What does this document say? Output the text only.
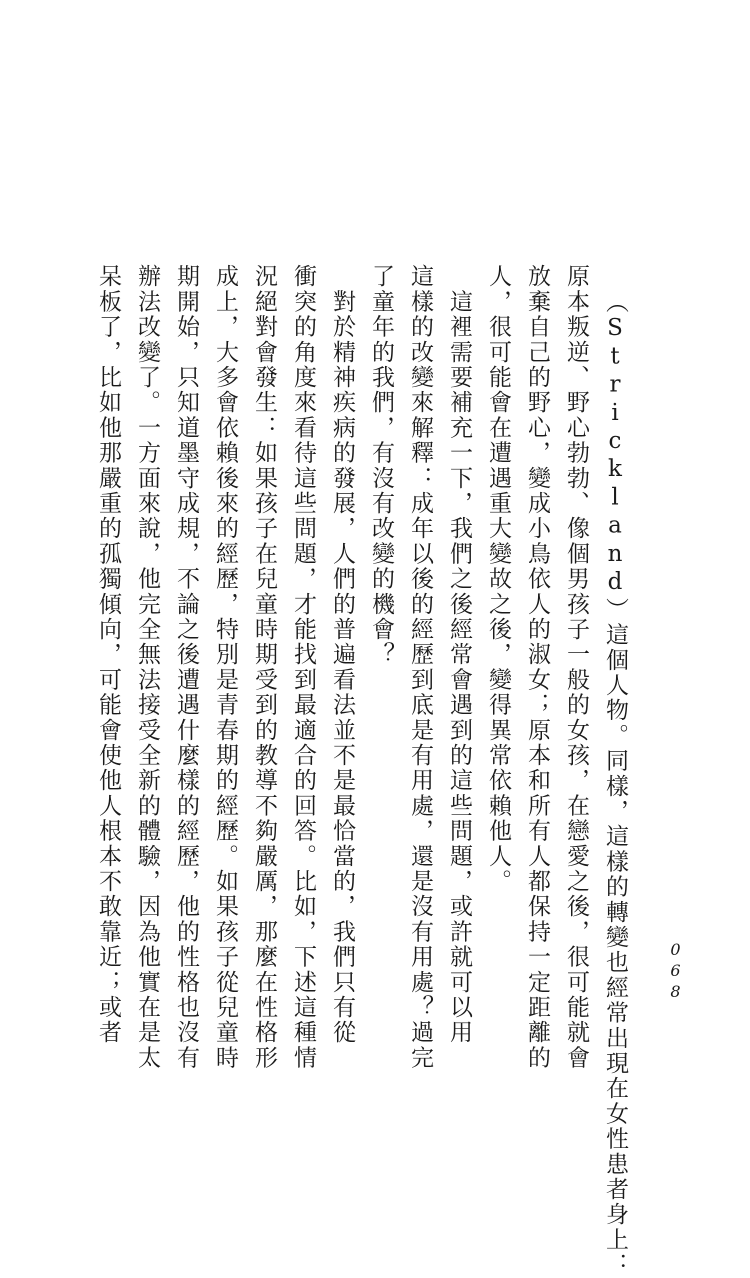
（Strickland）這個人物。同樣，這樣的轉變也經常出現在女性患者身上：
原本叛逆、野心勃勃、像個男孩子一般的女孩，在戀愛之後，很可能就會
放棄自己的野心，變成小鳥依人的淑女；原本和所有人都保持一定距離的
人，很可能會在遭遇重大變故之後，變得異常依賴他人。
　這裡需要補充一下，我們之後經常會遇到的這些問題，或許就可以用
這樣的改變來解釋：成年以後的經歷到底是有用處，還是沒有用處？過完
了童年的我們，有沒有改變的機會？
　對於精神疾病的發展，人們的普遍看法並不是最恰當的，我們只有從
衝突的角度來看待這些問題，才能找到最適合的回答。比如，下述這種情
況絕對會發生：如果孩子在兒童時期受到的教導不夠嚴厲，那麼在性格形
成上，大多會依賴後來的經歷，特別是青春期的經歷。如果孩子從兒童時
期開始，只知道墨守成規，不論之後遭遇什麼樣的經歷，他的性格也沒有
辦法改變了。一方面來說，他完全無法接受全新的體驗，因為他實在是太
呆板了，比如他那嚴重的孤獨傾向，可能會使他人根本不敢靠近；或者	068
